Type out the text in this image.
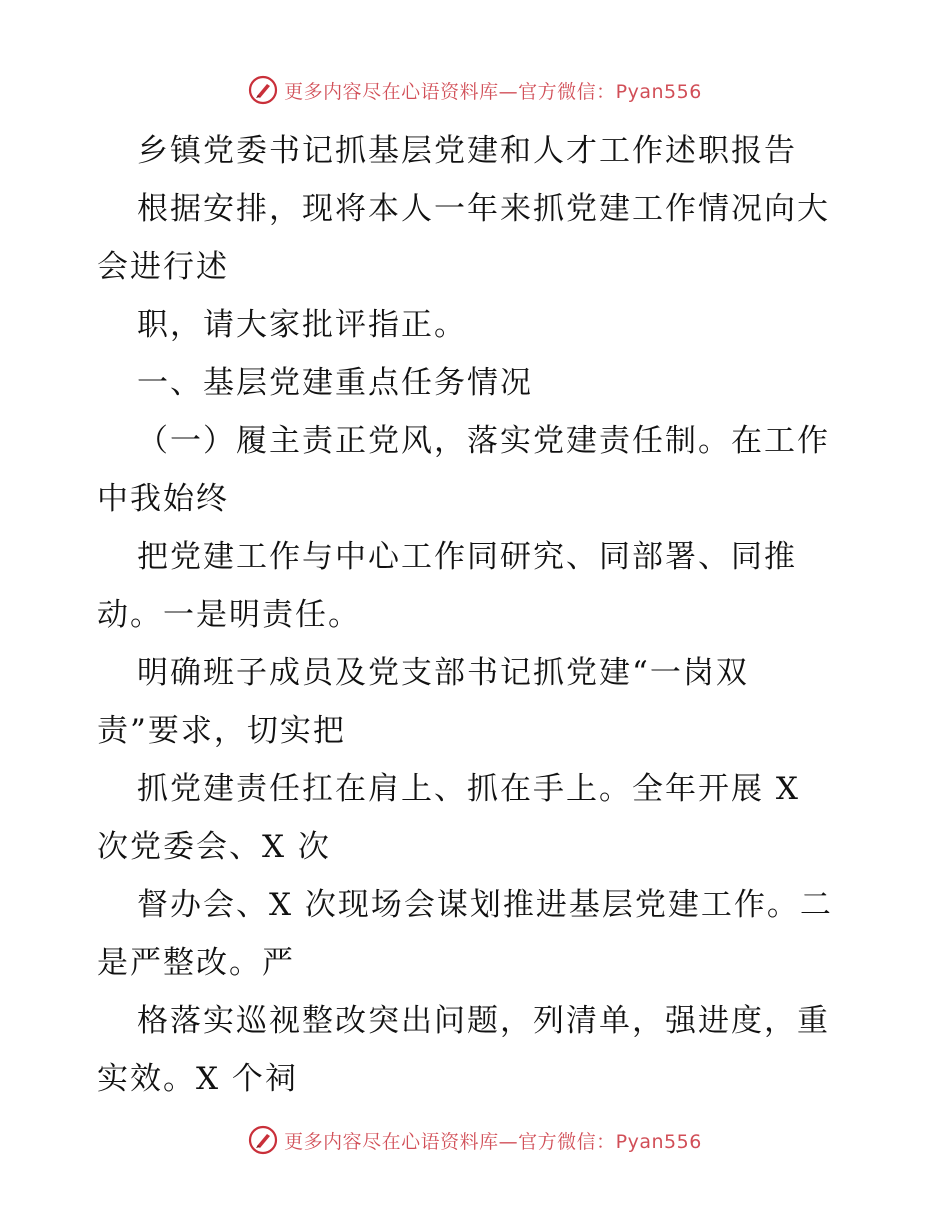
更多内容尽在心语资料库—官方微信：Pyan556
乡镇党委书记抓基层党建和人才工作述职报告
根据安排，现将本人一年来抓党建工作情况向大
会进行述
职，请大家批评指正。
一、基层党建重点任务情况
（一）履主责正党风，落实党建责任制。在工作
中我始终
把党建工作与中心工作同研究、同部署、同推
动。一是明责任。
明确班子成员及党支部书记抓党建“一岗双
责”要求，切实把
抓党建责任扛在肩上、抓在手上。全年开展 X
次党委会、X 次
督办会、X 次现场会谋划推进基层党建工作。二
是严整改。严
格落实巡视整改突出问题，列清单，强进度，重
实效。X 个祠
更多内容尽在心语资料库—官方微信：Pyan556
